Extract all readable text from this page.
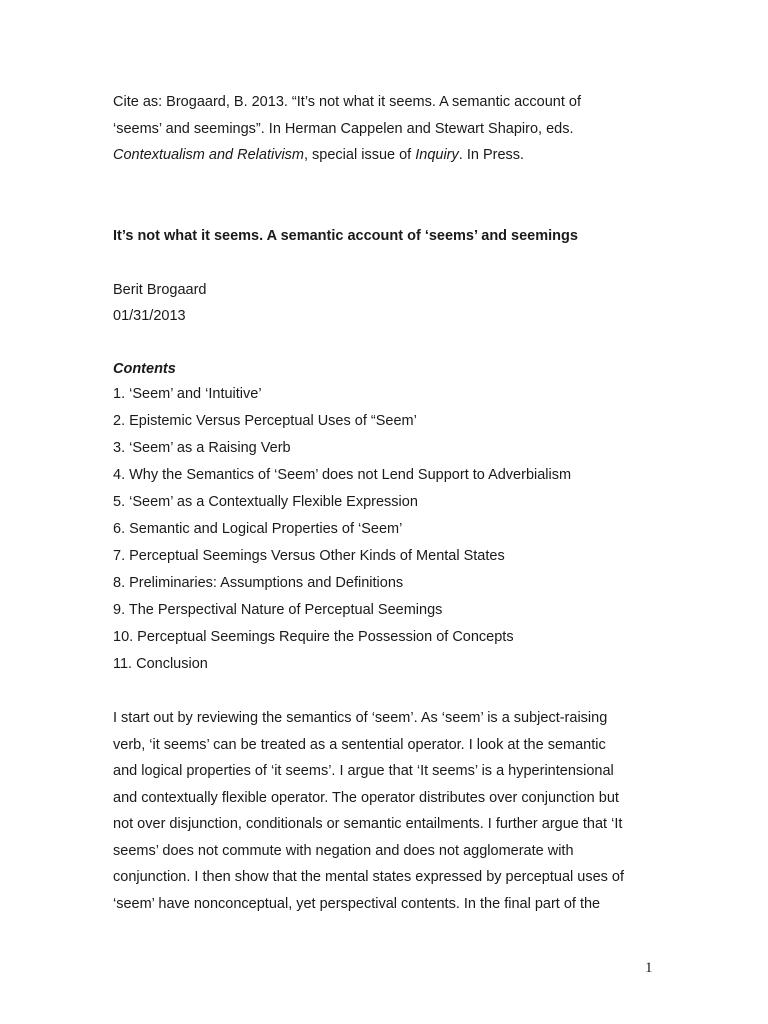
Cite as: Brogaard, B. 2013. “It’s not what it seems. A semantic account of
‘seems’ and seemings”. In Herman Cappelen and Stewart Shapiro, eds.
Contextualism and Relativism, special issue of Inquiry. In Press.
It’s not what it seems. A semantic account of ‘seems’ and seemings
Berit Brogaard
01/31/2013
Contents
1. ‘Seem’ and ‘Intuitive’
2. Epistemic Versus Perceptual Uses of “Seem’
3. ‘Seem’ as a Raising Verb
4. Why the Semantics of ‘Seem’ does not Lend Support to Adverbialism
5. ‘Seem’ as a Contextually Flexible Expression
6. Semantic and Logical Properties of ‘Seem’
7. Perceptual Seemings Versus Other Kinds of Mental States
8. Preliminaries: Assumptions and Definitions
9. The Perspectival Nature of Perceptual Seemings
10. Perceptual Seemings Require the Possession of Concepts
11. Conclusion
I start out by reviewing the semantics of ‘seem’. As ‘seem’ is a subject-raising
verb, ‘it seems’ can be treated as a sentential operator. I look at the semantic
and logical properties of ‘it seems’. I argue that ‘It seems’ is a hyperintensional
and contextually flexible operator. The operator distributes over conjunction but
not over disjunction, conditionals or semantic entailments. I further argue that ‘It
seems’ does not commute with negation and does not agglomerate with
conjunction. I then show that the mental states expressed by perceptual uses of
‘seem’ have nonconceptual, yet perspectival contents. In the final part of the
1
